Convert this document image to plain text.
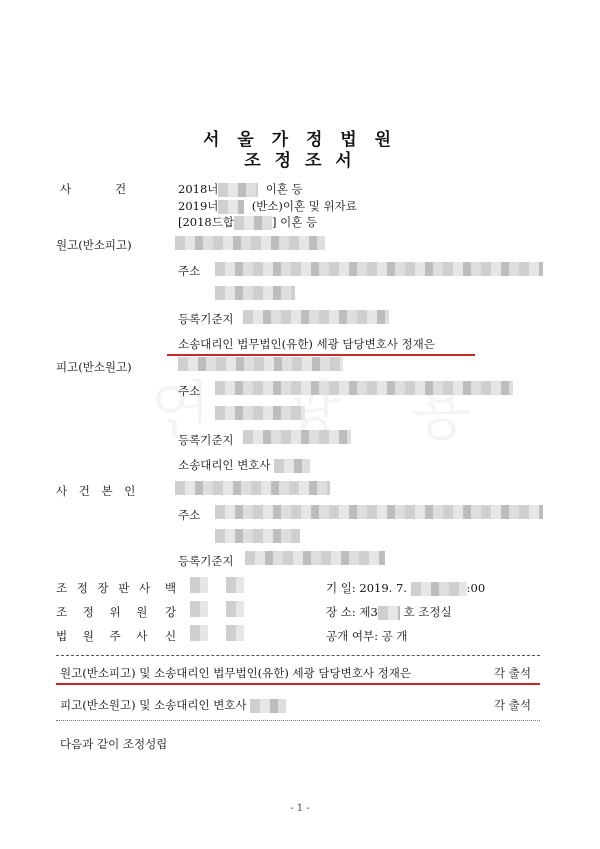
서 울 가 정 법 원
조 정 조 서
사            건	2018너	이혼 등
2019너	(반소)이혼 및 위자료
[2018드합	] 이혼 등
원고(반소피고)
주소
등록기준지
소송대리인 법무법인(유한) 세광 담당변호사 정재은
피고(반소원고)
주소
등록기준지
소송대리인 변호사
사 건 본 인
주소
등록기준지
조 정 장 판 사 백	기 일: 2019. 7.	:00
조 정 위 원 강	장 소: 제3 호 조정실
법 원 주 사 신	공개 여부: 공 개
원고(반소피고) 및 소송대리인 법무법인(유한) 세광 담당변호사 정재은	각 출석
피고(반소원고) 및 소송대리인 변호사	각 출석
다음과 같이 조정성립
- 1 -
